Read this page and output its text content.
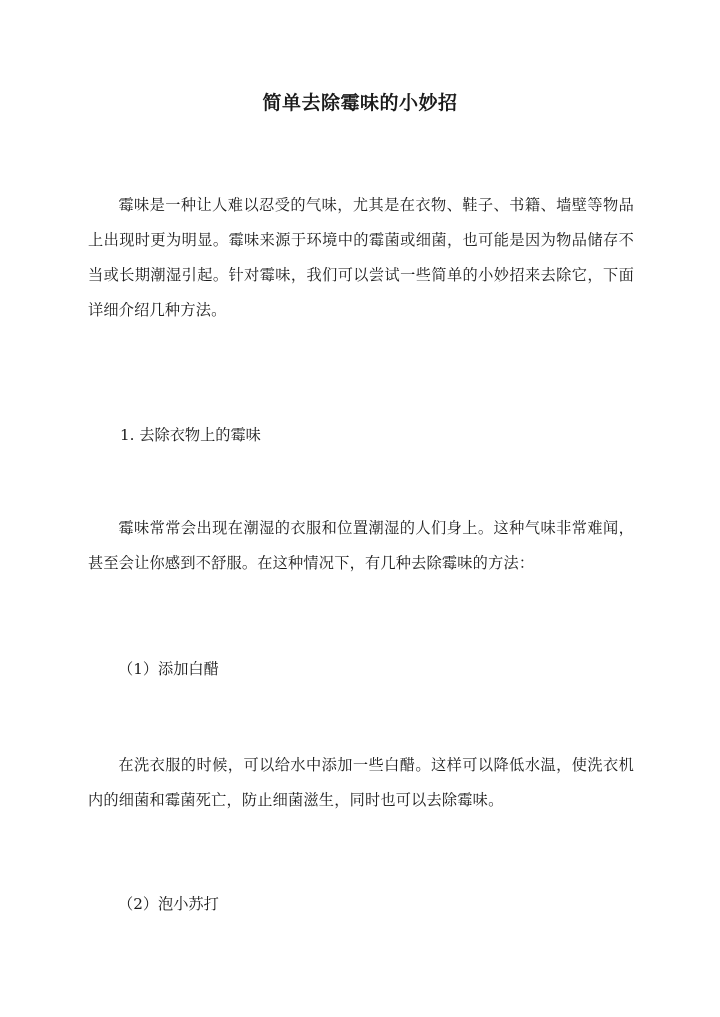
简单去除霉味的小妙招
霉味是一种让人难以忍受的气味，尤其是在衣物、鞋子、书籍、墙壁等物品上出现时更为明显。霉味来源于环境中的霉菌或细菌，也可能是因为物品储存不当或长期潮湿引起。针对霉味，我们可以尝试一些简单的小妙招来去除它，下面详细介绍几种方法。
1. 去除衣物上的霉味
霉味常常会出现在潮湿的衣服和位置潮湿的人们身上。这种气味非常难闻，甚至会让你感到不舒服。在这种情况下，有几种去除霉味的方法：
（1）添加白醋
在洗衣服的时候，可以给水中添加一些白醋。这样可以降低水温，使洗衣机内的细菌和霉菌死亡，防止细菌滋生，同时也可以去除霉味。
（2）泡小苏打
